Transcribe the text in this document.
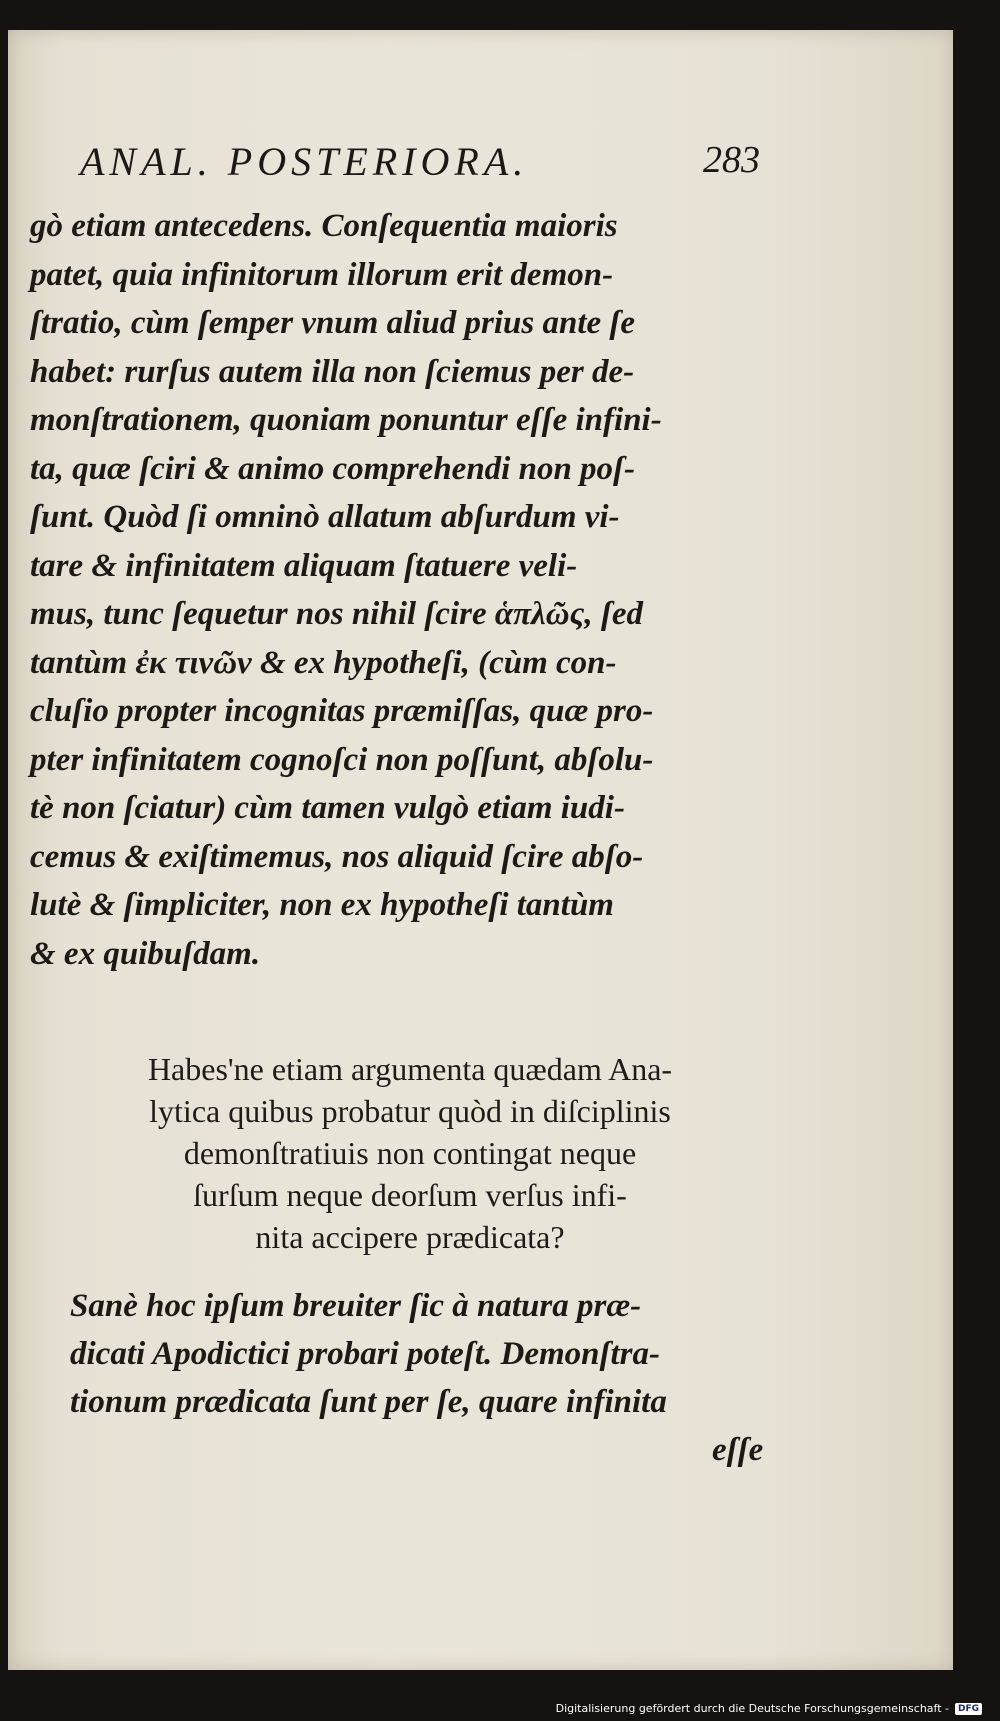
ANAL. POSTERIORA.	283

gò etiam antecedens. Conſequentia maioris
patet, quia infinitorum illorum erit demon-
ſtratio, cùm ſemper vnum aliud prius ante ſe
habet: rurſus autem illa non ſciemus per de-
monſtrationem, quoniam ponuntur eſſe infini-
ta, quæ ſciri & animo comprehendi non poſ-
ſunt. Quòd ſi omninò allatum abſurdum vi-
tare & infinitatem aliquam ſtatuere veli-
mus, tunc ſequetur nos nihil ſcire ἁπλῶς, ſed
tantùm ἐκ τινῶν & ex hypotheſi, (cùm con-
cluſio propter incognitas præmiſſas, quæ pro-
pter infinitatem cognoſci non poſſunt, abſolu-
tè non ſciatur) cùm tamen vulgò etiam iudi-
cemus & exiſtimemus, nos aliquid ſcire abſo-
lutè & ſimpliciter, non ex hypotheſi tantùm
& ex quibuſdam.

Habes'ne etiam argumenta quædam Ana-
lytica quibus probatur quòd in diſciplinis
demonſtratiuis non contingat neque
ſurſum neque deorſum verſus infi-
nita accipere prædicata?

Sanè hoc ipſum breuiter ſic à natura præ-
dicati Apodictici probari poteſt. Demonſtra-
tionum prædicata ſunt per ſe, quare infinita

eſſe
Digitalisierung gefördert durch die Deutsche Forschungsgemeinschaft -	DFG
